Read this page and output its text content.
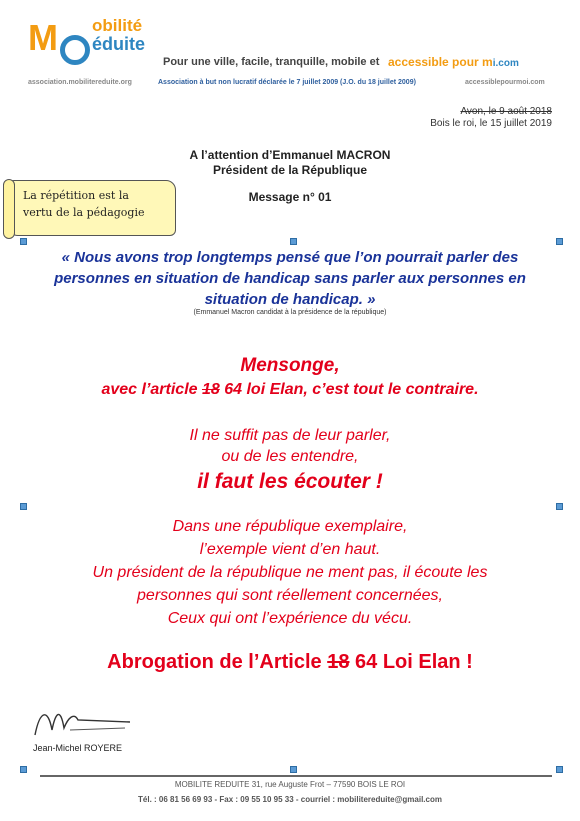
M obilité
éduite
Pour une ville, facile, tranquille, mobile et accessible pour mi.com
association.mobilitereduite.org	Association à but non lucratif déclarée le 7 juillet 2009 (J.O. du 18 juillet 2009)	accessiblepourmoi.com
Avon, le 9 août 2018
Bois le roi, le 15 juillet 2019
A l’attention d’Emmanuel MACRON
Président de la République
Message n° 01
La répétition est la
vertu de la pédagogie
« Nous avons trop longtemps pensé que l’on pourrait parler des personnes en situation de handicap sans parler aux personnes en situation de handicap. »
(Emmanuel Macron candidat à la présidence de la république)
Mensonge,
avec l’article 18 64 loi Elan, c’est tout le contraire.
Il ne suffit pas de leur parler,
ou de les entendre,
il faut les écouter !
Dans une république exemplaire,
l’exemple vient d’en haut.
Un président de la république ne ment pas, il écoute les
personnes qui sont réellement concernées,
Ceux qui ont l’expérience du vécu.
Abrogation de l’Article 18 64 Loi Elan !
Jean-Michel ROYERE
MOBILITE REDUITE 31, rue Auguste Frot – 77590 BOIS LE ROI
Tél. : 06 81 56 69 93 - Fax : 09 55 10 95 33 - courriel : mobilitereduite@gmail.com
